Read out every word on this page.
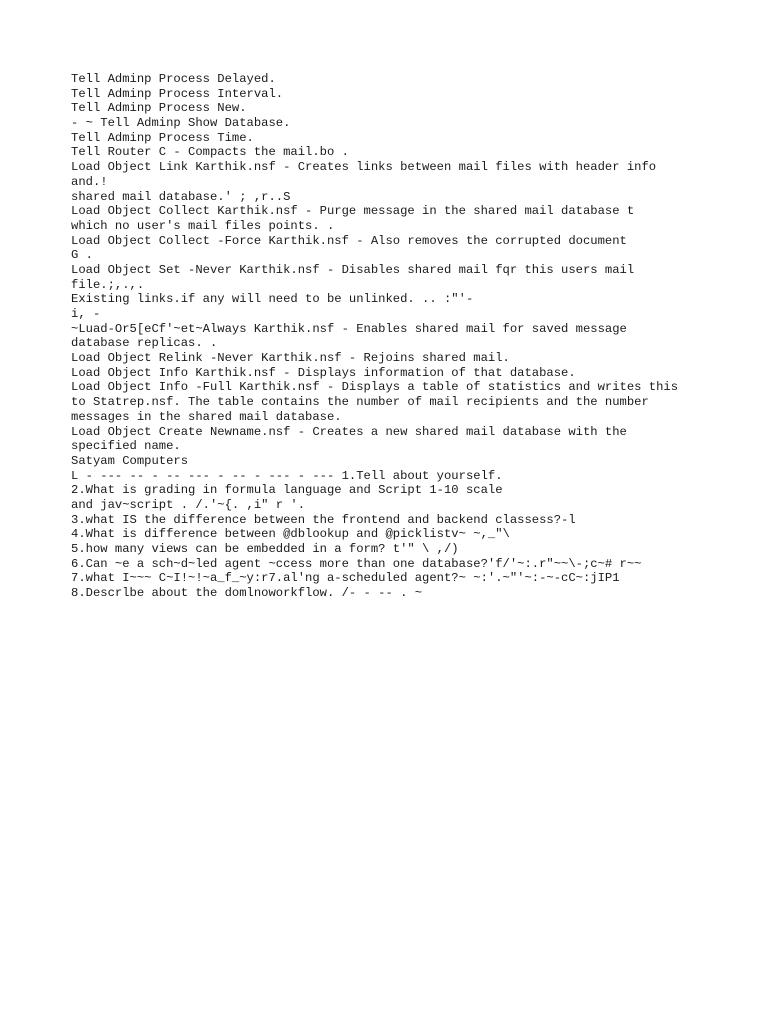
Tell Adminp Process Delayed.
Tell Adminp Process Interval.
Tell Adminp Process New.
- ~ Tell Adminp Show Database.
Tell Adminp Process Time.
Tell Router C - Compacts the mail.bo .
Load Object Link Karthik.nsf - Creates links between mail files with header info
and.!
shared mail database.' ; ,r..S
Load Object Collect Karthik.nsf - Purge message in the shared mail database t
which no user's mail files points. .
Load Object Collect -Force Karthik.nsf - Also removes the corrupted document
G .
Load Object Set -Never Karthik.nsf - Disables shared mail fqr this users mail
file.;,.,.
Existing links.if any will need to be unlinked. .. :"'-
i, -
~Luad-Or5[eCf'~et~Always Karthik.nsf - Enables shared mail for saved message
database replicas. .
Load Object Relink -Never Karthik.nsf - Rejoins shared mail.
Load Object Info Karthik.nsf - Displays information of that database.
Load Object Info -Full Karthik.nsf - Displays a table of statistics and writes this
to Statrep.nsf. The table contains the number of mail recipients and the number
messages in the shared mail database.
Load Object Create Newname.nsf - Creates a new shared mail database with the
specified name.
Satyam Computers
L - --- -- - -- --- - -- - --- - --- 1.Tell about yourself.
2.What is grading in formula language and Script 1-10 scale
and jav~script . /.'~{. ,i" r '.
3.what IS the difference between the frontend and backend classess?-l
4.What is difference between @dblookup and @picklistv~ ~,_"\
5.how many views can be embedded in a form? t'" \ ,/)
6.Can ~e a sch~d~led agent ~ccess more than one database?'f/'~:.r"~~\-;c~# r~~
7.what I~~~ C~I!~!~a_f_~y:r7.al'ng a-scheduled agent?~ ~:'.~"'~:-~-cC~:jIP1
8.Descrlbe about the domlnoworkflow. /- - -- . ~
